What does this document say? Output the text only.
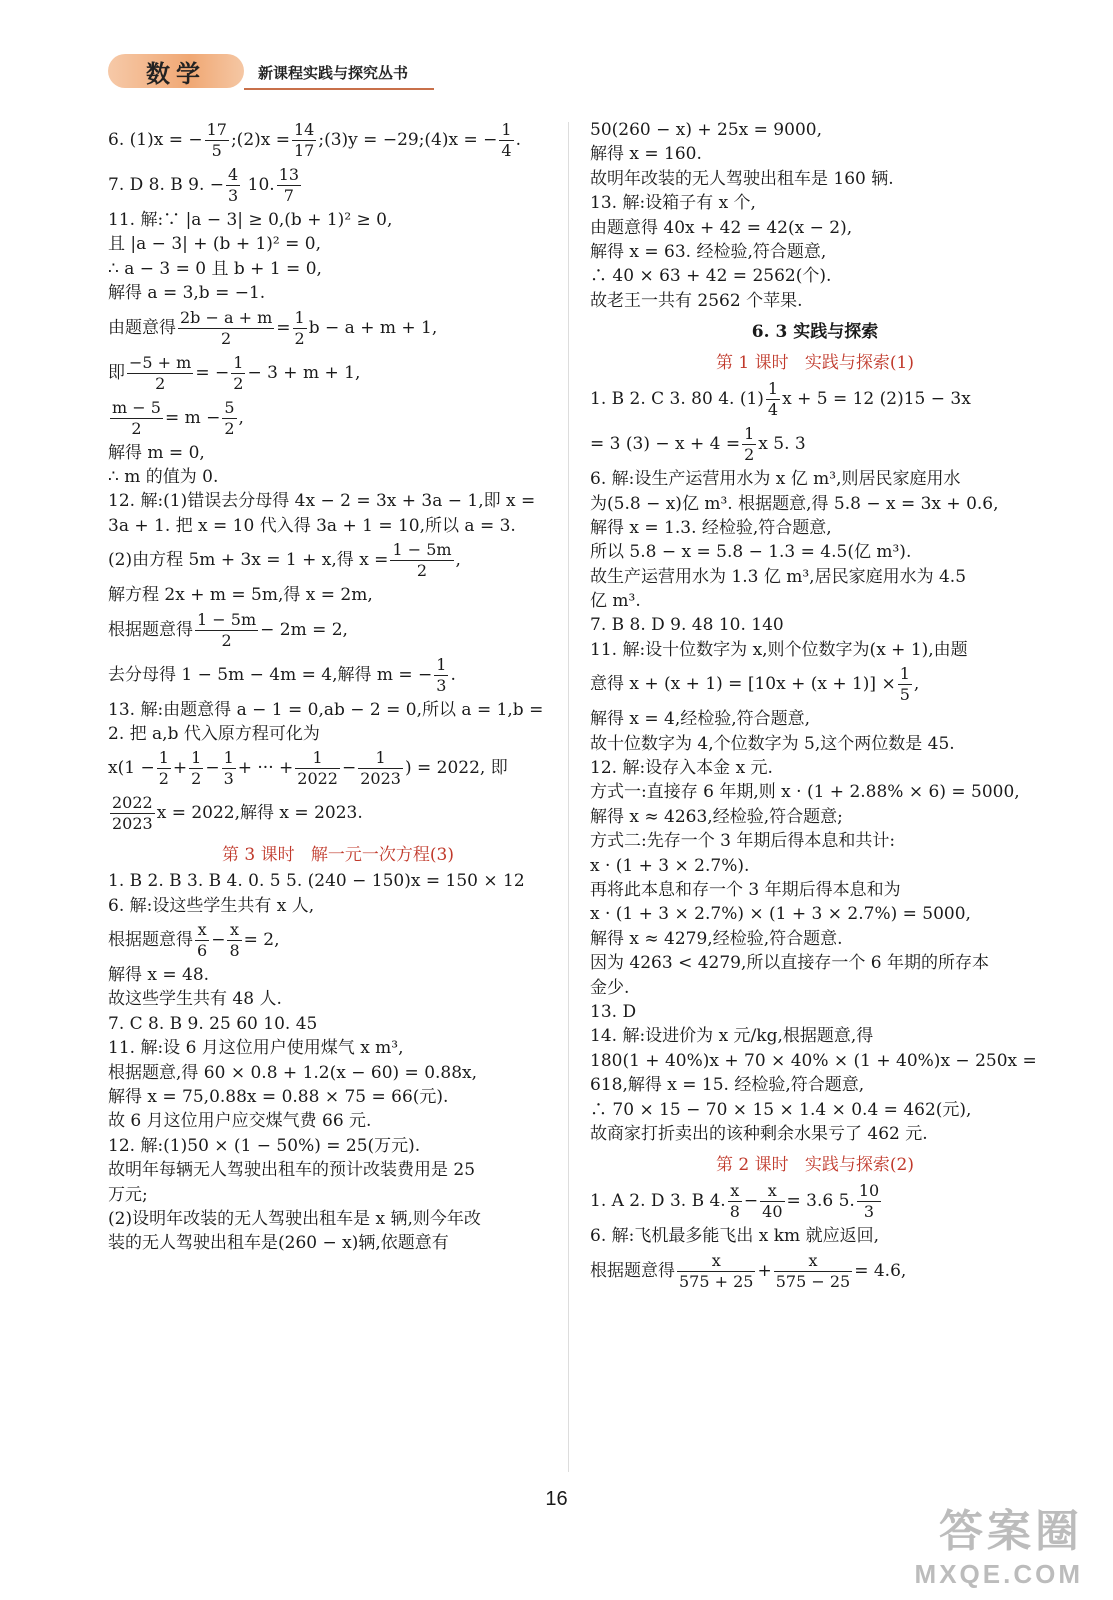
数学	新课程实践与探究丛书
6. (1)x = − $\frac{17}{5}$ ;(2)x = $\frac{14}{17}$ ;(3)y = −29;(4)x = − $\frac{1}{4}$ .
7. D 8. B 9. − $\frac{4}{3} 10$. $\frac{13}{7}$
11. 解:∵ |a − 3| ≥ 0,(b + 1)² ≥ 0,
且 |a − 3| + (b + 1)² = 0,
∴ a − 3 = 0 且 b + 1 = 0,
解得 a = 3,b = −1.
由题意得 $\frac{2b - a + m}{2} = \frac{1}{2}$ b − a + m + 1,
即 $\frac{-5 + m}{2}$ = − $\frac{1}{2} - 3 + m + 1$,
$\frac{m - 5}{2} = m - \frac{5}{2}$ ,
解得 m = 0,
∴ m 的值为 0.
12. 解:(1)错误去分母得 4x − 2 = 3x + 3a − 1,即 x =
3a + 1. 把 x = 10 代入得 3a + 1 = 10,所以 a = 3.
(2)由方程 5m + 3x = 1 + x,得 $x = \frac{1 - 5m}{2}$ ,
解方程 2x + m = 5m,得 x = 2m,
根据题意得 $\frac{1 - 5m}{2} - 2m = 2$,
去分母得 1 − 5m − 4m = 4,解得 m = − $\frac{1}{3}$ .
13. 解:由题意得 a − 1 = 0,ab − 2 = 0,所以 a = 1,b =
2. 把 a,b 代入原方程可化为
$x(1 - \frac{1}{2} + \frac{1}{2} - \frac{1}{3}$ + ··· + $\frac{1}{2022} - \frac{1}{2023}$ ) = 2022, 即
$\frac{2022}{2023}$ x = 2022,解得 x = 2023.
第 3 课时 解一元一次方程(3)
1. B 2. B 3. B 4. 0. 5 5. (240 − 150)x = 150 × 12
6. 解:设这些学生共有 x 人,
根据题意得 $\frac{x}{6} - \frac{x}{8} = 2$,
解得 x = 48.
故这些学生共有 48 人.
7. C 8. B 9. 25 60 10. 45
11. 解:设 6 月这位用户使用煤气 x m³,
根据题意,得 60 × 0.8 + 1.2(x − 60) = 0.88x,
解得 x = 75,0.88x = 0.88 × 75 = 66(元).
故 6 月这位用户应交煤气费 66 元.
12. 解:(1)50 × (1 − 50%) = 25(万元).
故明年每辆无人驾驶出租车的预计改装费用是 25
万元;
(2)设明年改装的无人驾驶出租车是 x 辆,则今年改
装的无人驾驶出租车是(260 − x)辆,依题意有
50(260 − x) + 25x = 9000,
解得 x = 160.
故明年改装的无人驾驶出租车是 160 辆.
13. 解:设箱子有 x 个,
由题意得 40x + 42 = 42(x − 2),
解得 x = 63. 经检验,符合题意,
∴ 40 × 63 + 42 = 2562(个).
故老王一共有 2562 个苹果.
6. 3 实践与探索
第 1 课时 实践与探索(1)
1. B 2. C 3. 80 4. $(1) \frac{1}{4}$ x + 5 = 12 (2)15 − 3x
= 3 $(3) - x + 4 = \frac{1}{2}$ x 5. 3
6. 解:设生产运营用水为 x 亿 m³,则居民家庭用水
为(5.8 − x)亿 m³. 根据题意,得 5.8 − x = 3x + 0.6,
解得 x = 1.3. 经检验,符合题意,
所以 5.8 − x = 5.8 − 1.3 = 4.5(亿 m³).
故生产运营用水为 1.3 亿 m³,居民家庭用水为 4.5
亿 m³.
7. B 8. D 9. 48 10. 140
11. 解:设十位数字为 x,则个位数字为(x + 1),由题
意得 $x + (x + 1) = [10x + (x + 1)] \times \frac{1}{5}$ ,
解得 x = 4,经检验,符合题意,
故十位数字为 4,个位数字为 5,这个两位数是 45.
12. 解:设存入本金 x 元.
方式一:直接存 6 年期,则 x · (1 + 2.88% × 6) = 5000,
解得 x ≈ 4263,经检验,符合题意;
方式二:先存一个 3 年期后得本息和共计:
x · (1 + 3 × 2.7%).
再将此本息和存一个 3 年期后得本息和为
x · (1 + 3 × 2.7%) × (1 + 3 × 2.7%) = 5000,
解得 x ≈ 4279,经检验,符合题意.
因为 4263 < 4279,所以直接存一个 6 年期的所存本
金少.
13. D
14. 解:设进价为 x 元/kg,根据题意,得
180(1 + 40%)x + 70 × 40% × (1 + 40%)x − 250x =
618,解得 x = 15. 经检验,符合题意,
∴ 70 × 15 − 70 × 15 × 1.4 × 0.4 = 462(元),
故商家打折卖出的该种剩余水果亏了 462 元.
第 2 课时 实践与探索(2)
1. A 2. D 3. B 4. $\frac{x}{8} - \frac{x}{40} = 3.6$ 5. $\frac{10}{3}$
6. 解:飞机最多能飞出 x km 就应返回,
根据题意得 $\frac{x}{575 + 25} + \frac{x}{575 - 25} = 4.6$,
16
答案圈
MXQE.COM
